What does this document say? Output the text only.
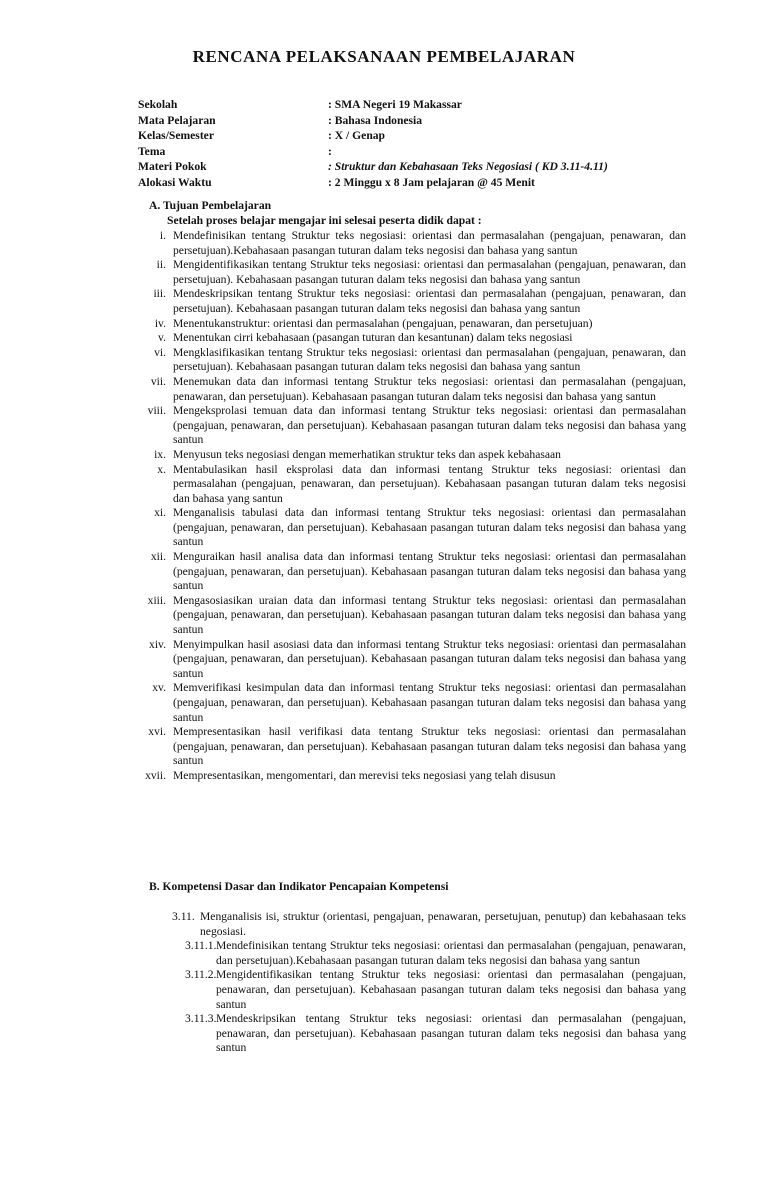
RENCANA PELAKSANAAN PEMBELAJARAN
Sekolah	: SMA Negeri 19 Makassar
Mata Pelajaran	: Bahasa Indonesia
Kelas/Semester	: X / Genap
Tema	:
Materi Pokok	: Struktur dan Kebahasaan Teks Negosiasi ( KD 3.11-4.11)
Alokasi Waktu	: 2 Minggu x 8 Jam pelajaran @ 45 Menit
A. Tujuan Pembelajaran
Setelah proses belajar mengajar ini selesai peserta didik dapat :
i. Mendefinisikan tentang Struktur teks negosiasi: orientasi dan permasalahan (pengajuan, penawaran, dan persetujuan).Kebahasaan pasangan tuturan dalam teks negosisi dan bahasa yang santun
ii. Mengidentifikasikan tentang Struktur teks negosiasi: orientasi dan permasalahan (pengajuan, penawaran, dan persetujuan). Kebahasaan pasangan tuturan dalam teks negosisi dan bahasa yang santun
iii. Mendeskripsikan tentang Struktur teks negosiasi: orientasi dan permasalahan (pengajuan, penawaran, dan persetujuan). Kebahasaan pasangan tuturan dalam teks negosisi dan bahasa yang santun
iv. Menentukanstruktur: orientasi dan permasalahan (pengajuan, penawaran, dan persetujuan)
v. Menentukan cirri kebahasaan (pasangan tuturan dan kesantunan) dalam teks negosiasi
vi. Mengklasifikasikan tentang Struktur teks negosiasi: orientasi dan permasalahan (pengajuan, penawaran, dan persetujuan). Kebahasaan pasangan tuturan dalam teks negosisi dan bahasa yang santun
vii. Menemukan data dan informasi tentang Struktur teks negosiasi: orientasi dan permasalahan (pengajuan, penawaran, dan persetujuan). Kebahasaan pasangan tuturan dalam teks negosisi dan bahasa yang santun
viii. Mengeksprolasi temuan data dan informasi tentang Struktur teks negosiasi: orientasi dan permasalahan (pengajuan, penawaran, dan persetujuan). Kebahasaan pasangan tuturan dalam teks negosisi dan bahasa yang santun
ix. Menyusun teks negosiasi dengan memerhatikan struktur teks dan aspek kebahasaan
x. Mentabulasikan hasil eksprolasi data dan informasi tentang Struktur teks negosiasi: orientasi dan permasalahan (pengajuan, penawaran, dan persetujuan). Kebahasaan pasangan tuturan dalam teks negosisi dan bahasa yang santun
xi. Menganalisis tabulasi data dan informasi tentang Struktur teks negosiasi: orientasi dan permasalahan (pengajuan, penawaran, dan persetujuan). Kebahasaan pasangan tuturan dalam teks negosisi dan bahasa yang santun
xii. Menguraikan hasil analisa data dan informasi tentang Struktur teks negosiasi: orientasi dan permasalahan (pengajuan, penawaran, dan persetujuan). Kebahasaan pasangan tuturan dalam teks negosisi dan bahasa yang santun
xiii. Mengasosiasikan uraian data dan informasi tentang Struktur teks negosiasi: orientasi dan permasalahan (pengajuan, penawaran, dan persetujuan). Kebahasaan pasangan tuturan dalam teks negosisi dan bahasa yang santun
xiv. Menyimpulkan hasil asosiasi data dan informasi tentang Struktur teks negosiasi: orientasi dan permasalahan (pengajuan, penawaran, dan persetujuan). Kebahasaan pasangan tuturan dalam teks negosisi dan bahasa yang santun
xv. Memverifikasi kesimpulan data dan informasi tentang Struktur teks negosiasi: orientasi dan permasalahan (pengajuan, penawaran, dan persetujuan). Kebahasaan pasangan tuturan dalam teks negosisi dan bahasa yang santun
xvi. Mempresentasikan hasil verifikasi data tentang Struktur teks negosiasi: orientasi dan permasalahan (pengajuan, penawaran, dan persetujuan). Kebahasaan pasangan tuturan dalam teks negosisi dan bahasa yang santun
xvii. Mempresentasikan, mengomentari, dan merevisi teks negosiasi yang telah disusun
B. Kompetensi Dasar dan Indikator Pencapaian Kompetensi
3.11. Menganalisis isi, struktur (orientasi, pengajuan, penawaran, persetujuan, penutup) dan kebahasaan teks negosiasi.
3.11.1. Mendefinisikan tentang Struktur teks negosiasi: orientasi dan permasalahan (pengajuan, penawaran, dan persetujuan).Kebahasaan pasangan tuturan dalam teks negosisi dan bahasa yang santun
3.11.2. Mengidentifikasikan tentang Struktur teks negosiasi: orientasi dan permasalahan (pengajuan, penawaran, dan persetujuan). Kebahasaan pasangan tuturan dalam teks negosisi dan bahasa yang santun
3.11.3. Mendeskripsikan tentang Struktur teks negosiasi: orientasi dan permasalahan (pengajuan, penawaran, dan persetujuan). Kebahasaan pasangan tuturan dalam teks negosisi dan bahasa yang santun
